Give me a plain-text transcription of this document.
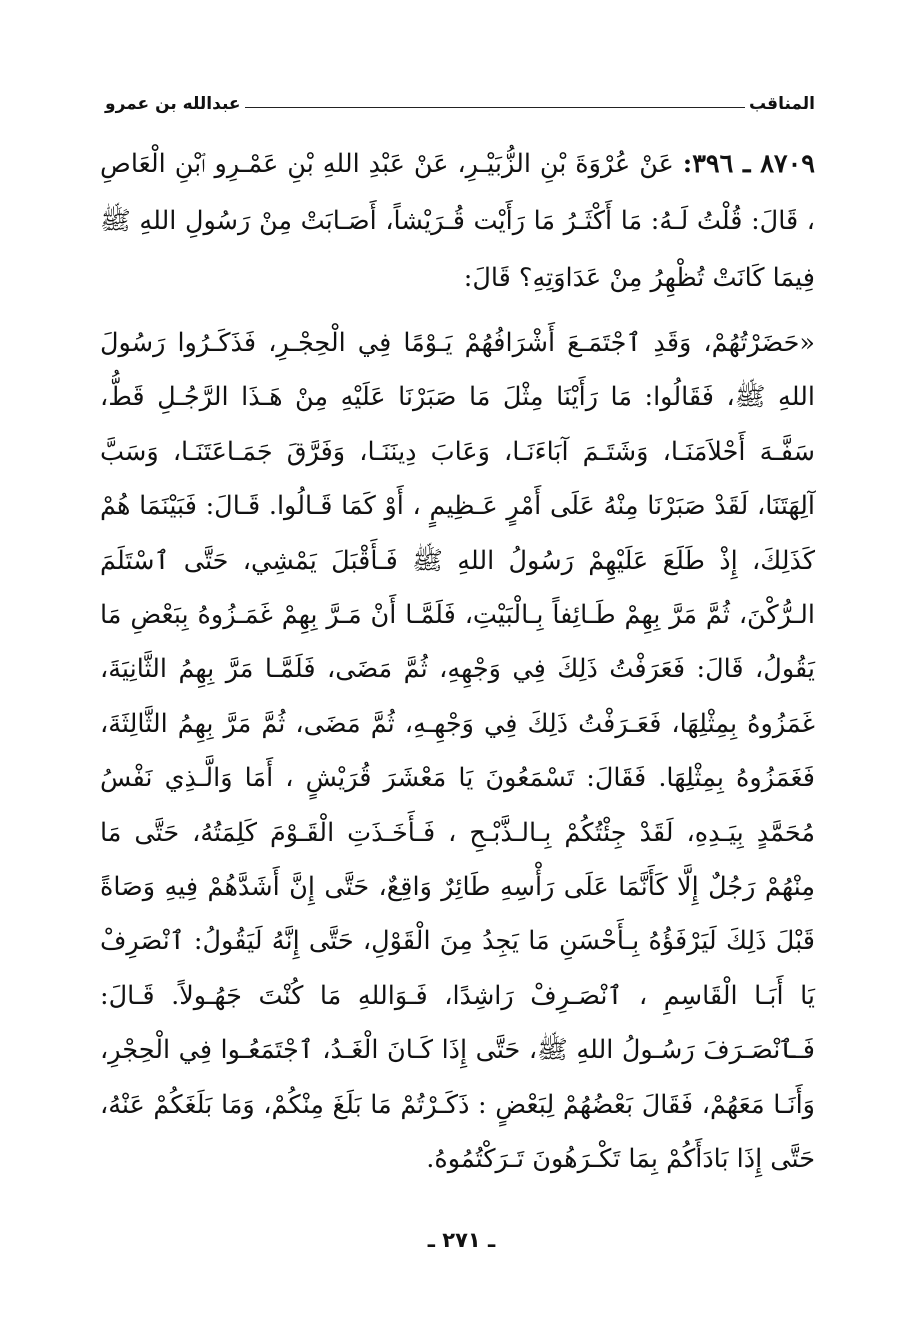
المناقب
عبدالله بن عمرو

٨٧٠٩ ـ ٣٩٦: عَنْ عُرْوَةَ بْنِ الزُّبَيْـرِ، عَنْ عَبْدِ اللهِ بْنِ عَمْـرِو ٱبْنِ الْعَاصِ ، قَالَ: قُلْتُ لَـهُ: مَا أَكْثَـرُ مَا رَأَيْت قُـرَيْشاً، أَصَـابَتْ مِنْ رَسُولِ اللهِ ﷺ فِيمَا كَانَتْ تُظْهِرُ مِنْ عَدَاوَتِهِ؟ قَالَ:

«حَضَرْتُهُمْ، وَقَدِ ٱجْتَمَـعَ أَشْرَافُهُمْ يَـوْمًا فِي الْحِجْـرِ، فَذَكَـرُوا رَسُولَ اللهِ ﷺ، فَقَالُوا: مَا رَأَيْنَا مِثْلَ مَا صَبَرْنَا عَلَيْهِ مِنْ هَـذَا الرَّجُـلِ قَطُّ، سَفَّـهَ أَحْلاَمَنَـا، وَشَتَـمَ آبَاءَنَـا، وَعَابَ دِينَنَـا، وَفَرَّقَ جَمَـاعَتَنَـا، وَسَبَّ آلِهَتَنَا، لَقَدْ صَبَرْنَا مِنْهُ عَلَى أَمْرٍ عَـظِيمٍ ، أَوْ كَمَا قَـالُوا. قَـالَ: فَبَيْنَمَا هُمْ كَذَلِكَ، إِذْ طَلَعَ عَلَيْهِمْ رَسُولُ اللهِ ﷺ فَـأَقْبَلَ يَمْشِي، حَتَّى ٱسْتَلَمَ الـرُّكْنَ، ثُمَّ مَرَّ بِهِمْ طَـائِفاً بِـالْبَيْتِ، فَلَمَّـا أَنْ مَـرَّ بِهِمْ غَمَـزُوهُ بِبَعْضِ مَا يَقُولُ، قَالَ: فَعَرَفْتُ ذَلِكَ فِي وَجْهِهِ، ثُمَّ مَضَى، فَلَمَّـا مَرَّ بِهِمُ الثَّانِيَةَ، غَمَزُوهُ بِمِثْلِهَا، فَعَـرَفْتُ ذَلِكَ فِي وَجْهِـهِ، ثُمَّ مَضَى، ثُمَّ مَرَّ بِهِمُ الثَّالِثَةَ، فَغَمَزُوهُ بِمِثْلِهَا. فَقَالَ: تَسْمَعُونَ يَا مَعْشَرَ قُرَيْشٍ ، أَمَا وَالَّـذِي نَفْسُ مُحَمَّدٍ بِيَـدِهِ، لَقَدْ جِئْتُكُمْ بِـالـذَّبْـحِ ، فَـأَخَـذَتِ الْقَـوْمَ كَلِمَتُهُ، حَتَّى مَا مِنْهُمْ رَجُلٌ إِلَّا كَأَنَّمَا عَلَى رَأْسِهِ طَائِرٌ وَاقِعٌ، حَتَّى إِنَّ أَشَدَّهُمْ فِيهِ وَصَاةً قَبْلَ ذَلِكَ لَيَرْفَؤُهُ بِـأَحْسَنِ مَا يَجِدُ مِنَ الْقَوْلِ، حَتَّى إِنَّهُ لَيَقُولُ: ٱنْصَرِفْ يَا أَبَـا الْقَاسِمِ ، ٱنْصَـرِفْ رَاشِدًا، فَـوَاللهِ مَا كُنْتَ جَهُـولاً. قَـالَ: فَـٱنْصَـرَفَ رَسُـولُ اللهِ ﷺ، حَتَّى إِذَا كَـانَ الْغَـدُ، ٱجْتَمَعُـوا فِي الْحِجْرِ، وَأَنَـا مَعَهُمْ، فَقَالَ بَعْضُهُمْ لِبَعْضٍ : ذَكَـرْتُمْ مَا بَلَغَ مِنْكُمْ، وَمَا بَلَغَكُمْ عَنْهُ، حَتَّى إِذَا بَادَأَكُمْ بِمَا تَكْـرَهُونَ تَـرَكْتُمُوهُ.

ـ ٢٧١ ـ
